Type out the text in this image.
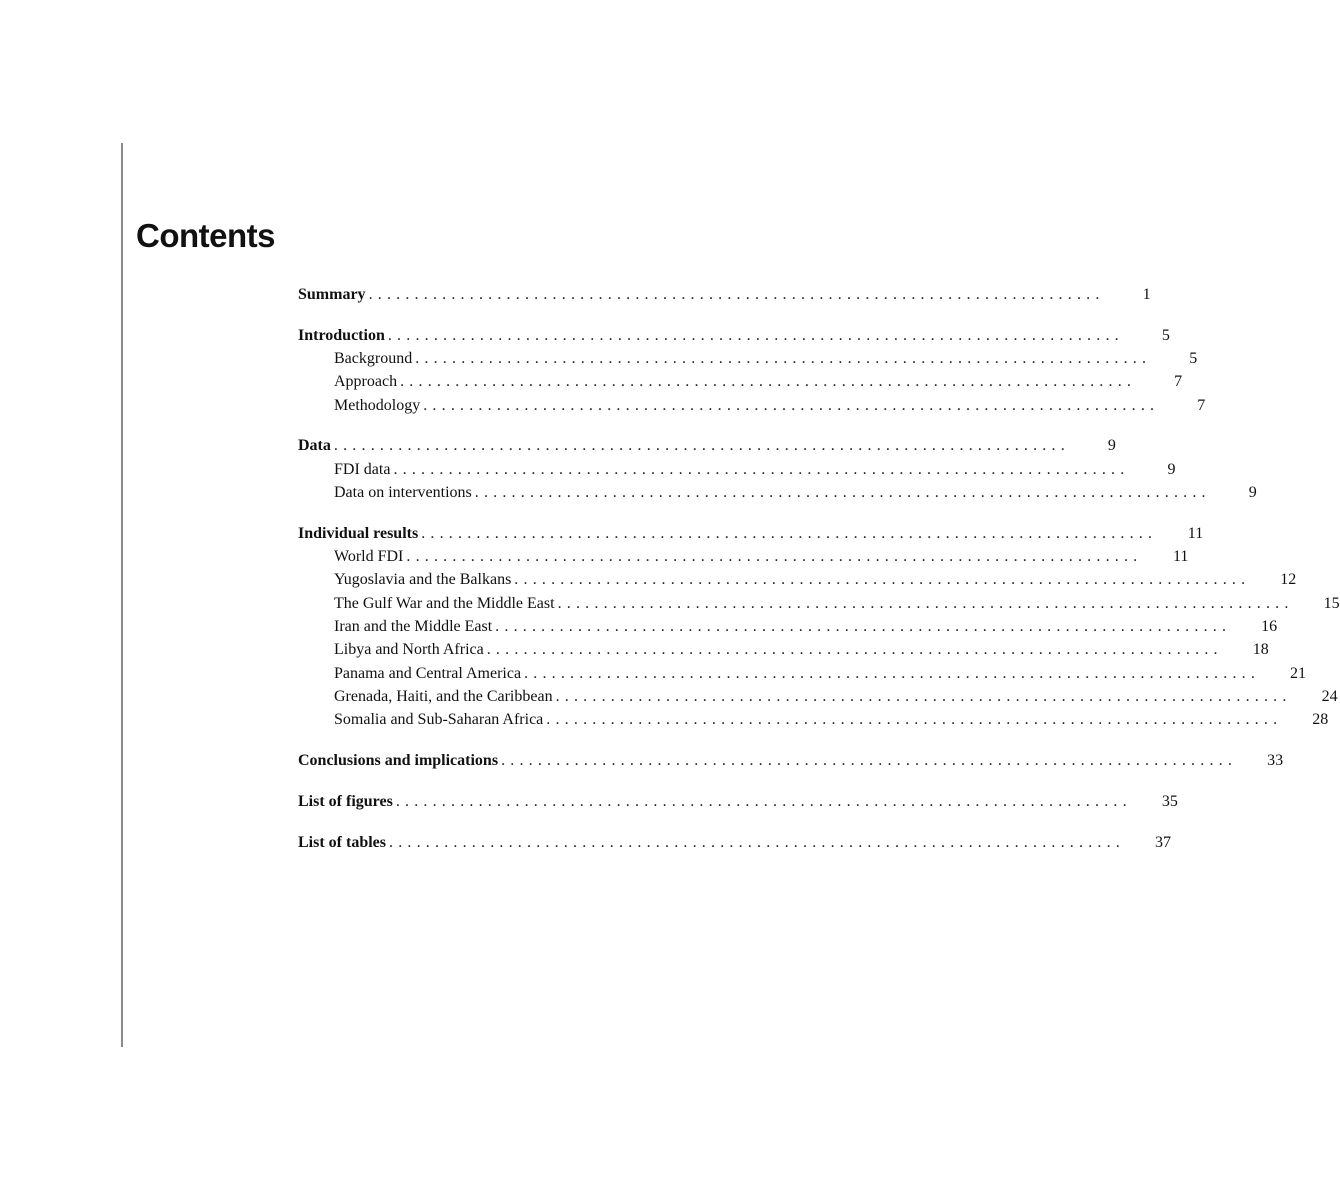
Contents
Summary ................................................................................	1
Introduction ................................................................................	5
Background ................................................................................	5
Approach ................................................................................	7
Methodology ................................................................................	7
Data ................................................................................	9
FDI data ................................................................................	9
Data on interventions ................................................................................	9
Individual results ................................................................................	11
World FDI ................................................................................	11
Yugoslavia and the Balkans ................................................................................	12
The Gulf War and the Middle East ................................................................................	15
Iran and the Middle East ................................................................................	16
Libya and North Africa ................................................................................	18
Panama and Central America ................................................................................	21
Grenada, Haiti, and the Caribbean ................................................................................	24
Somalia and Sub-Saharan Africa ................................................................................	28
Conclusions and implications ................................................................................	33
List of figures ................................................................................	35
List of tables ................................................................................	37
